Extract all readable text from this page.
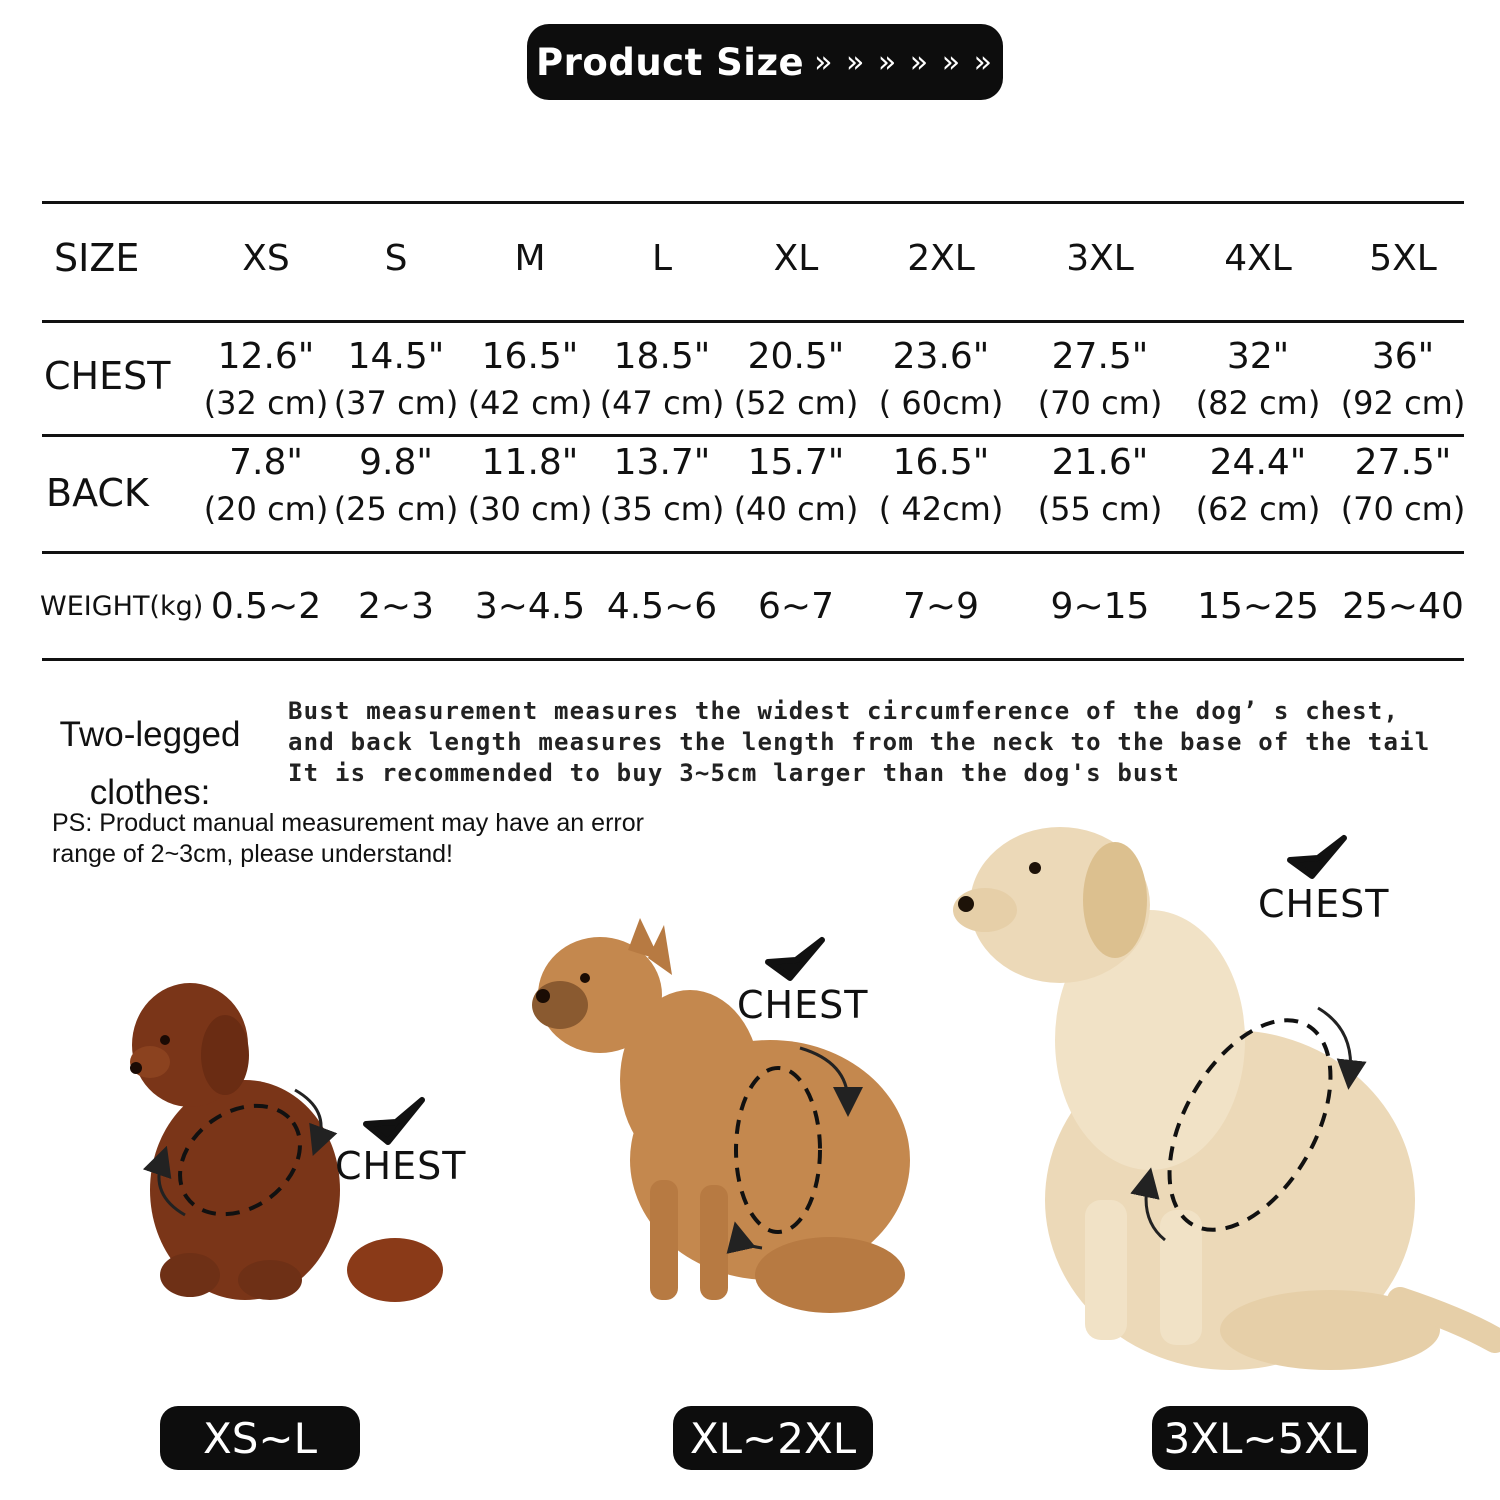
Product Size » » » » » »
SIZE
CHEST
BACK
WEIGHT(kg)
XS
12.6"
(32 cm)
7.8"
(20 cm)
0.5~2
S
14.5"
(37 cm)
9.8"
(25 cm)
2~3
M
16.5"
(42 cm)
11.8"
(30 cm)
3~4.5
L
18.5"
(47 cm)
13.7"
(35 cm)
4.5~6
XL
20.5"
(52 cm)
15.7"
(40 cm)
6~7
2XL
23.6"
( 60cm)
16.5"
( 42cm)
7~9
3XL
27.5"
(70 cm)
21.6"
(55 cm)
9~15
4XL
32"
(82 cm)
24.4"
(62 cm)
15~25
5XL
36"
(92 cm)
27.5"
(70 cm)
25~40
Two-legged
clothes:
Bust measurement measures the widest circumference of the dog’ s chest,
and back length measures the length from the neck to the base of the tail
It is recommended to buy 3~5cm larger than the dog's bust
PS: Product manual measurement may have an error
range of 2~3cm, please understand!
CHEST
CHEST
CHEST
XS~L	XL~2XL	3XL~5XL
